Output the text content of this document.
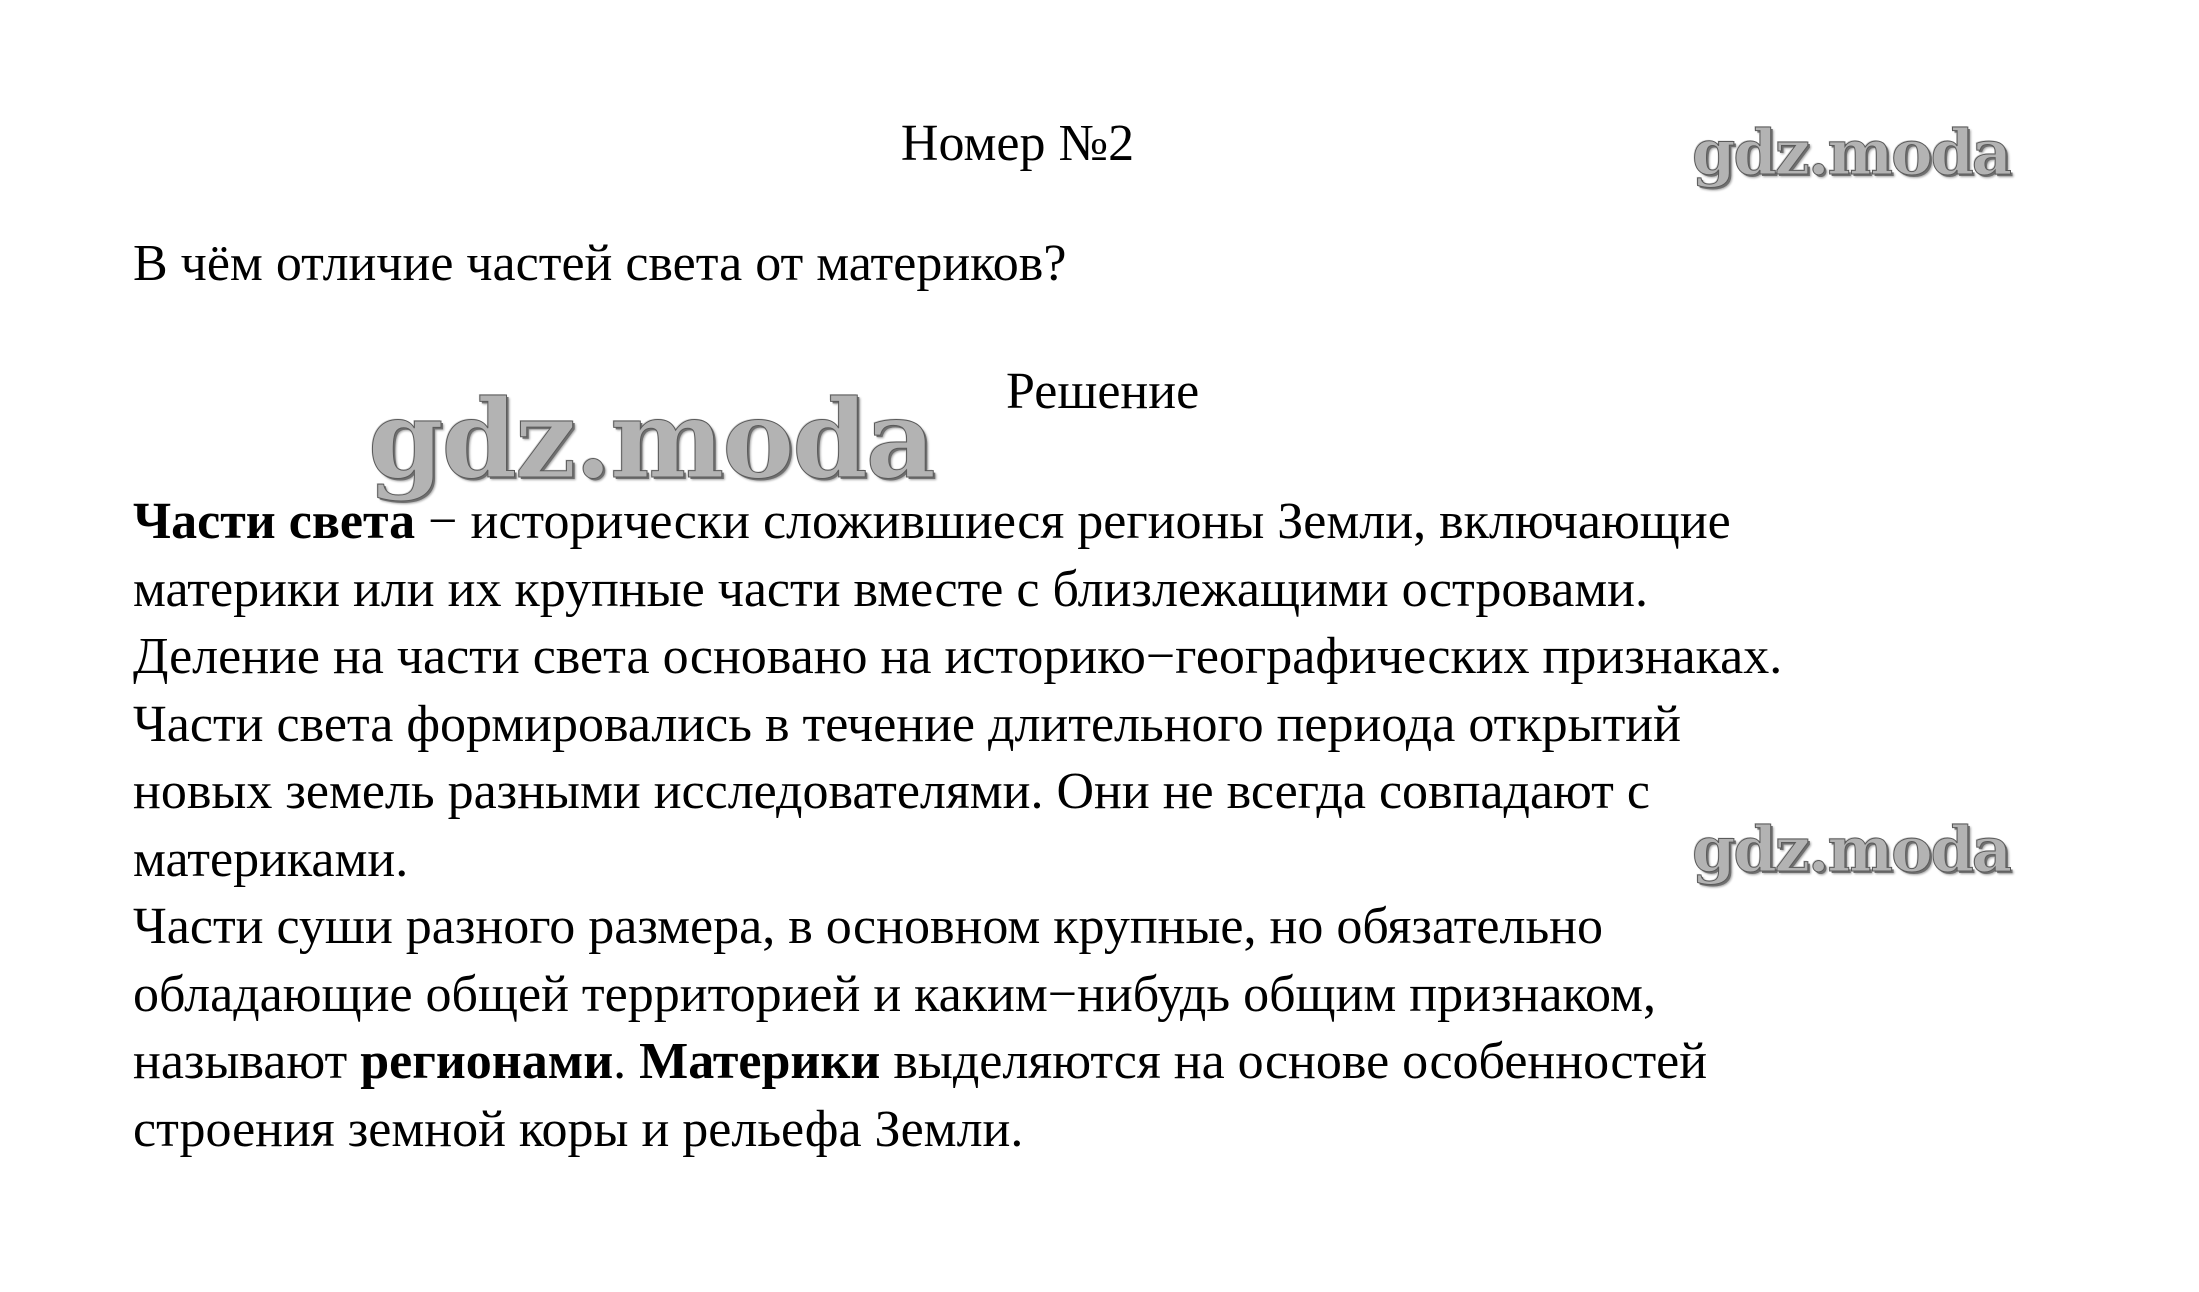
Номер №2
В чём отличие частей света от материков?
Решение
Части света − исторически сложившиеся регионы Земли, включающие
материки или их крупные части вместе с близлежащими островами.
Деление на части света основано на историко−географических признаках.
Части света формировались в течение длительного периода открытий
новых земель разными исследователями. Они не всегда совпадают с
материками.
Части суши разного размера, в основном крупные, но обязательно
обладающие общей территорией и каким−нибудь общим признаком,
называют регионами. Материки выделяются на основе особенностей
строения земной коры и рельефа Земли.
gdz.moda
gdz.moda
gdz.moda
